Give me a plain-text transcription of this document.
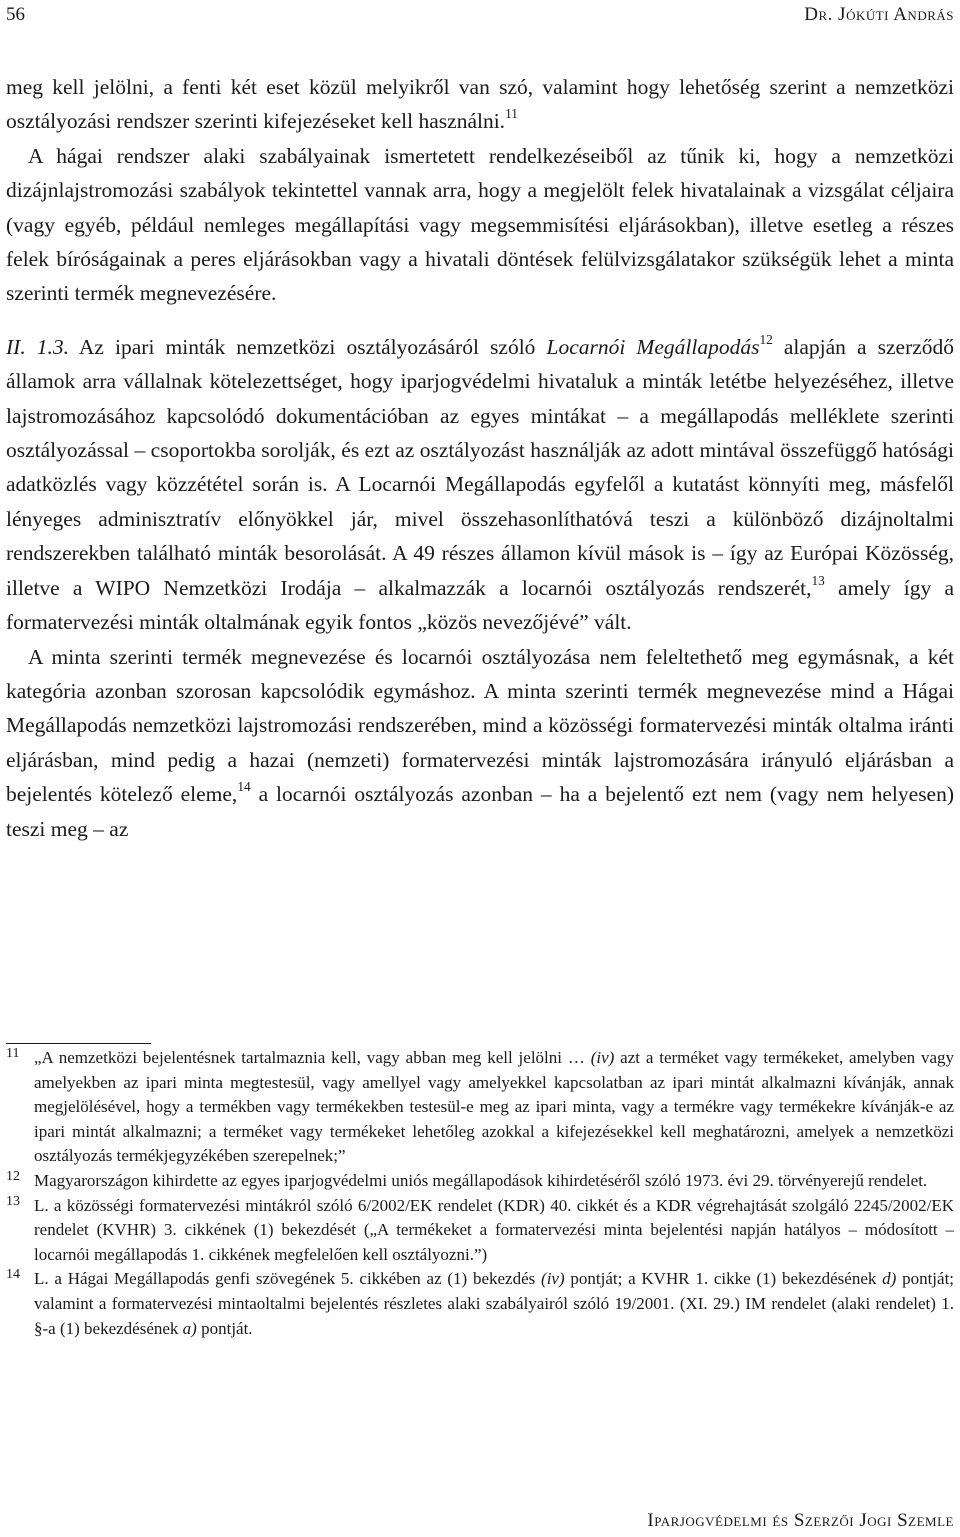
56	Dr. Jókúti András

meg kell jelölni, a fenti két eset közül melyikről van szó, valamint hogy lehetőség szerint a nemzetközi osztályozási rendszer szerinti kifejezéseket kell használni.$^{11}$

A hágai rendszer alaki szabályainak ismertetett rendelkezéseiből az tűnik ki, hogy a nemzetközi dizájnlajstromozási szabályok tekintettel vannak arra, hogy a megjelölt felek hivatalainak a vizsgálat céljaira (vagy egyéb, például nemleges megállapítási vagy megsemmisítési eljárásokban), illetve esetleg a részes felek bíróságainak a peres eljárásokban vagy a hivatali döntések felülvizsgálatakor szükségük lehet a minta szerinti termék megnevezésére.

II. 1.3. Az ipari minták nemzetközi osztályozásáról szóló Locarnói Megállapodás$^{12}$ alapján a szerződő államok arra vállalnak kötelezettséget, hogy iparjogvédelmi hivataluk a minták letétbe helyezéséhez, illetve lajstromozásához kapcsolódó dokumentációban az egyes mintákat – a megállapodás melléklete szerinti osztályozással – csoportokba sorolják, és ezt az osztályozást használják az adott mintával összefüggő hatósági adatközlés vagy közzététel során is. A Locarnói Megállapodás egyfelől a kutatást könnyíti meg, másfelől lényeges adminisztratív előnyökkel jár, mivel összehasonlíthatóvá teszi a különböző dizájnoltalmi rendszerekben található minták besorolását. A 49 részes államon kívül mások is – így az Európai Közösség, illetve a WIPO Nemzetközi Irodája – alkalmazzák a locarnói osztályozás rendszerét,$^{13}$ amely így a formatervezési minták oltalmának egyik fontos „közös nevezőjévé” vált.

A minta szerinti termék megnevezése és locarnói osztályozása nem feleltethető meg egymásnak, a két kategória azonban szorosan kapcsolódik egymáshoz. A minta szerinti termék megnevezése mind a Hágai Megállapodás nemzetközi lajstromozási rendszerében, mind a közösségi formatervezési minták oltalma iránti eljárásban, mind pedig a hazai (nemzeti) formatervezési minták lajstromozására irányuló eljárásban a bejelentés kötelező eleme,$^{14}$ a locarnói osztályozás azonban – ha a bejelentő ezt nem (vagy nem helyesen) teszi meg – az

11 „A nemzetközi bejelentésnek tartalmaznia kell, vagy abban meg kell jelölni … (iv) azt a terméket vagy termékeket, amelyben vagy amelyekben az ipari minta megtestesül, vagy amellyel vagy amelyekkel kapcsolatban az ipari mintát alkalmazni kívánják, annak megjelölésével, hogy a termékben vagy termékekben testesül-e meg az ipari minta, vagy a termékre vagy termékekre kívánják-e az ipari mintát alkalmazni; a terméket vagy termékeket lehetőleg azokkal a kifejezésekkel kell meghatározni, amelyek a nemzetközi osztályozás termékjegyzékében szerepelnek;”
12 Magyarországon kihirdette az egyes iparjogvédelmi uniós megállapodások kihirdetéséről szóló 1973. évi 29. törvényerejű rendelet.
13 L. a közösségi formatervezési mintákról szóló 6/2002/EK rendelet (KDR) 40. cikkét és a KDR végrehajtását szolgáló 2245/2002/EK rendelet (KVHR) 3. cikkének (1) bekezdését („A termékeket a formatervezési minta bejelentési napján hatályos – módosított – locarnói megállapodás 1. cikkének megfelelően kell osztályozni.”)
14 L. a Hágai Megállapodás genfi szövegének 5. cikkében az (1) bekezdés (iv) pontját; a KVHR 1. cikke (1) bekezdésének d) pontját; valamint a formatervezési mintaoltalmi bejelentés részletes alaki szabályairól szóló 19/2001. (XI. 29.) IM rendelet (alaki rendelet) 1. §-a (1) bekezdésének a) pontját.
Iparjogvédelmi és Szerzői Jogi Szemle
